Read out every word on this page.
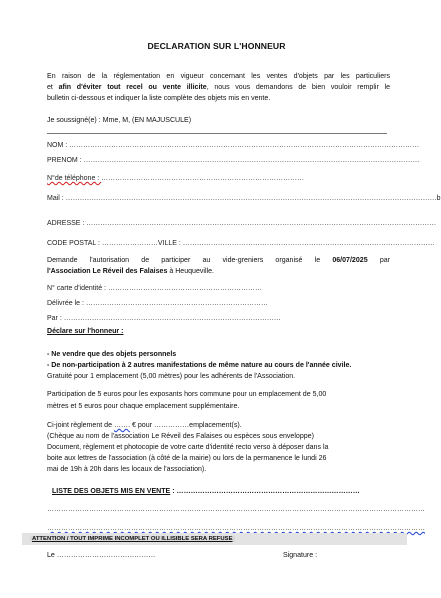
DECLARATION SUR L'HONNEUR
En raison de la réglementation en vigueur concernant les ventes d'objets par les particuliers
et afin d'éviter tout recel ou vente illicite, nous vous demandons de bien vouloir remplir le
bulletin ci-dessous et indiquer la liste complète des objets mis en vente.
Je soussigné(e) : Mme, M, (EN MAJUSCULE)
NOM : ……………………………………………………………………………………………………………………………………
PRENOM : ………………………………………………………………………………………………………………………………
N°de téléphone : ……………………………………………………………………………
Mail : ……………………………………………………………………………………………………………………………………………b
ADRESSE : ……………………………………………………………………………………………………………………………………
CODE POSTAL : ……………………VILLE : ………………………………………………………………………………………………
Demande l'autorisation de participer au vide-greniers organisé le 06/07/2025 par
l'Association Le Réveil des Falaises à Heuqueville.
N° carte d'identité : …………………………………………………………
Délivrée le : ……………………………………………………………………
Par : …………………………………………………………………………………
Déclare sur l'honneur :
- Ne vendre que des objets personnels
- De non-participation à 2 autres manifestations de même nature au cours de l'année civile.
Gratuité pour 1 emplacement (5,00 mètres) pour les adhérents de l'Association.
Participation de 5 euros pour les exposants hors commune pour un emplacement de 5,00
mètres et 5 euros pour chaque emplacement supplémentaire.
Ci-joint règlement de ……. € pour ……………emplacement(s).
(Chèque au nom de l'association Le Réveil des Falaises ou espèces sous enveloppe)
Document, règlement et photocopie de votre carte d'identité recto verso à déposer dans la
boite aux lettres de l'association (à côté de la mairie) ou lors de la permanence le lundi 26
mai de 19h à 20h dans les locaux de l'association).
LISTE DES OBJETS MIS EN VENTE : ……………………………………………………………………
………………………………………………………………………………………………………………………………………………
………………………………………………………………………………………………………………………………………………
ATTENTION / TOUT IMPRIME INCOMPLET OU ILLISIBLE SERA REFUSE
Le ……………………………………	Signature :
